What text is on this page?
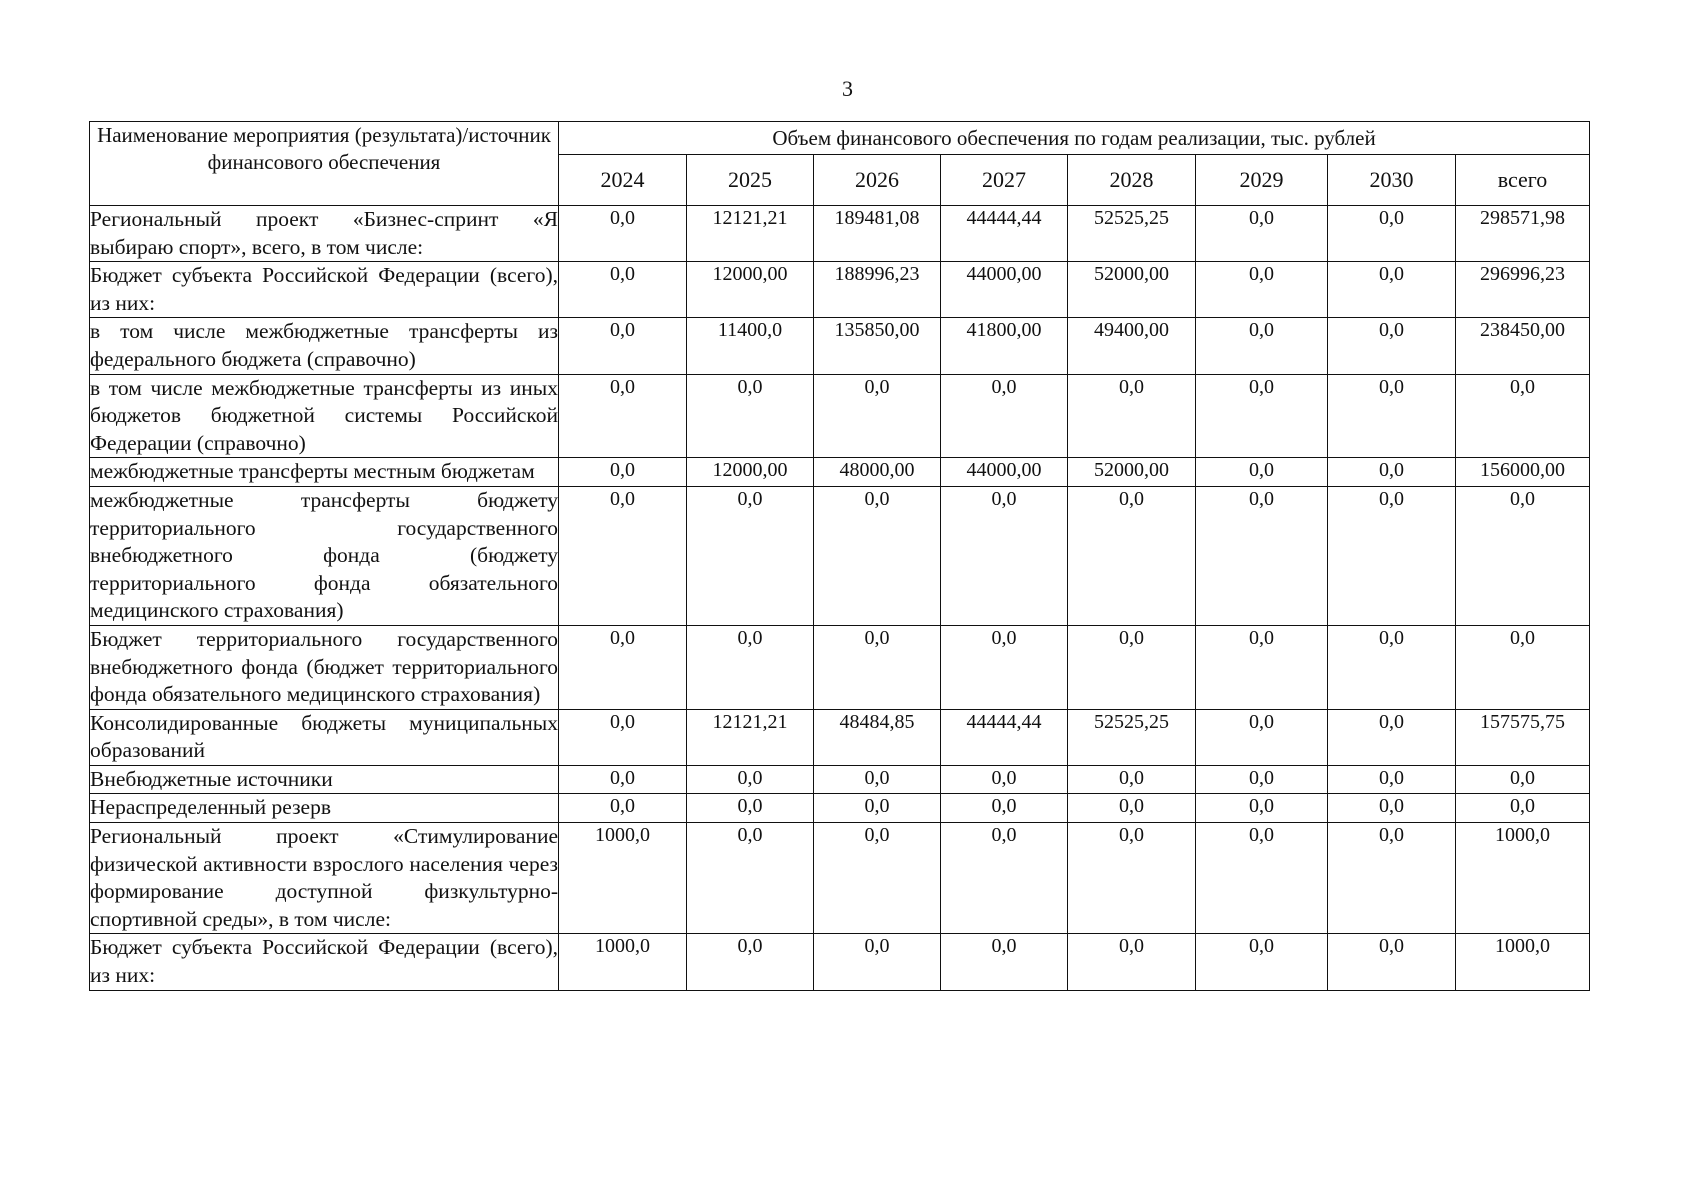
3
Наименование мероприятия (результата)/источник финансового обеспечения	Объем финансового обеспечения по годам реализации, тыс. рублей							
	2024	2025	2026	2027	2028	2029	2030	всего
Региональный проект «Бизнес-спринт «Я выбираю спорт», всего, в том числе:	0,0	12121,21	189481,08	44444,44	52525,25	0,0	0,0	298571,98
Бюджет субъекта Российской Федерации (всего), из них:	0,0	12000,00	188996,23	44000,00	52000,00	0,0	0,0	296996,23
в том числе межбюджетные трансферты из федерального бюджета (справочно)	0,0	11400,0	135850,00	41800,00	49400,00	0,0	0,0	238450,00
в том числе межбюджетные трансферты из иных бюджетов бюджетной системы Российской Федерации (справочно)	0,0	0,0	0,0	0,0	0,0	0,0	0,0	0,0
межбюджетные трансферты местным бюджетам	0,0	12000,00	48000,00	44000,00	52000,00	0,0	0,0	156000,00
межбюджетные трансферты бюджету территориального государственного внебюджетного фонда (бюджету территориального фонда обязательного медицинского страхования)	0,0	0,0	0,0	0,0	0,0	0,0	0,0	0,0
Бюджет территориального государственного внебюджетного фонда (бюджет территориального фонда обязательного медицинского страхования)	0,0	0,0	0,0	0,0	0,0	0,0	0,0	0,0
Консолидированные бюджеты муниципальных образований	0,0	12121,21	48484,85	44444,44	52525,25	0,0	0,0	157575,75
Внебюджетные источники	0,0	0,0	0,0	0,0	0,0	0,0	0,0	0,0
Нераспределенный резерв	0,0	0,0	0,0	0,0	0,0	0,0	0,0	0,0
Региональный проект «Стимулирование физической активности взрослого населения через формирование доступной физкультурно-спортивной среды», в том числе:	1000,0	0,0	0,0	0,0	0,0	0,0	0,0	1000,0
Бюджет субъекта Российской Федерации (всего), из них:	1000,0	0,0	0,0	0,0	0,0	0,0	0,0	1000,0
